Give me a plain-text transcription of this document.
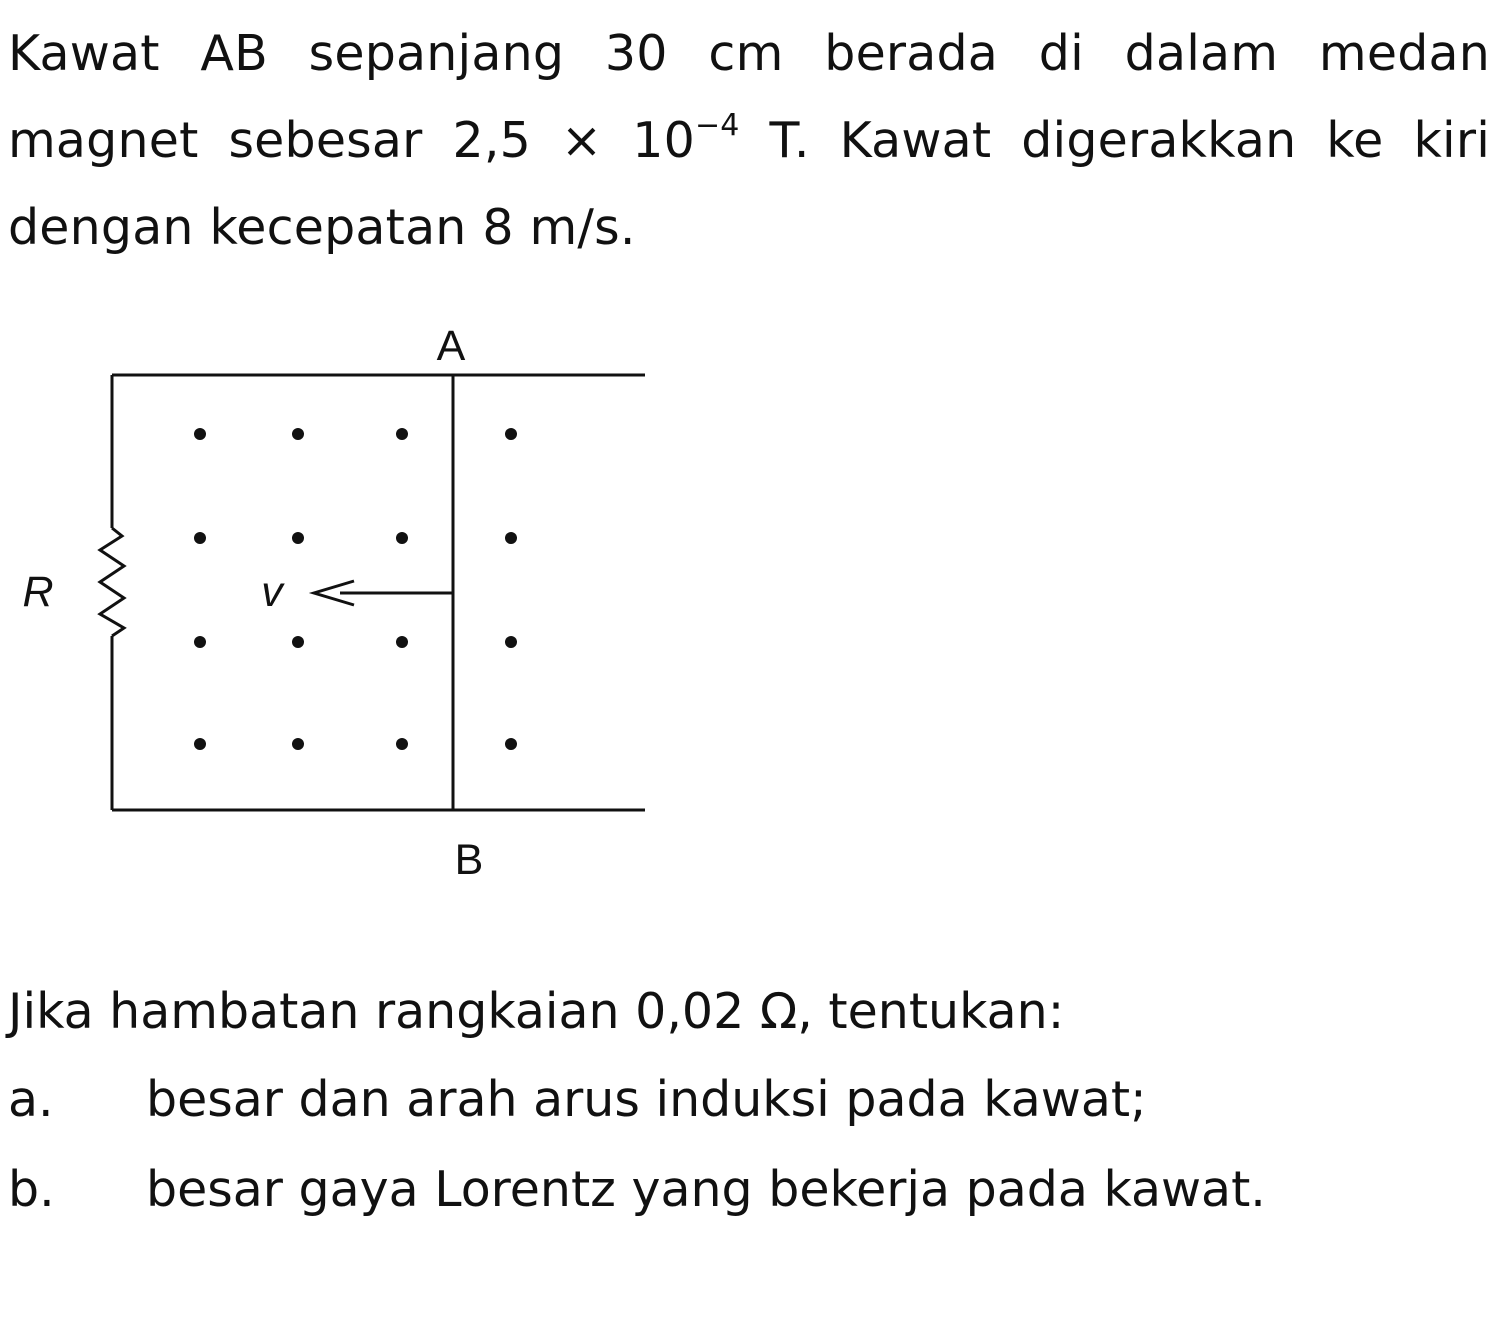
Kawat AB sepanjang 30 cm berada di dalam medan magnet sebesar $2,5 \times 10^{-4}$ T. Kawat digerakkan ke kiri dengan kecepatan 8 m/s.

A
B
R	v

Jika hambatan rangkaian 0,02 Ω, tentukan:

a. besar dan arah arus induksi pada kawat;
b. besar gaya Lorentz yang bekerja pada kawat.
